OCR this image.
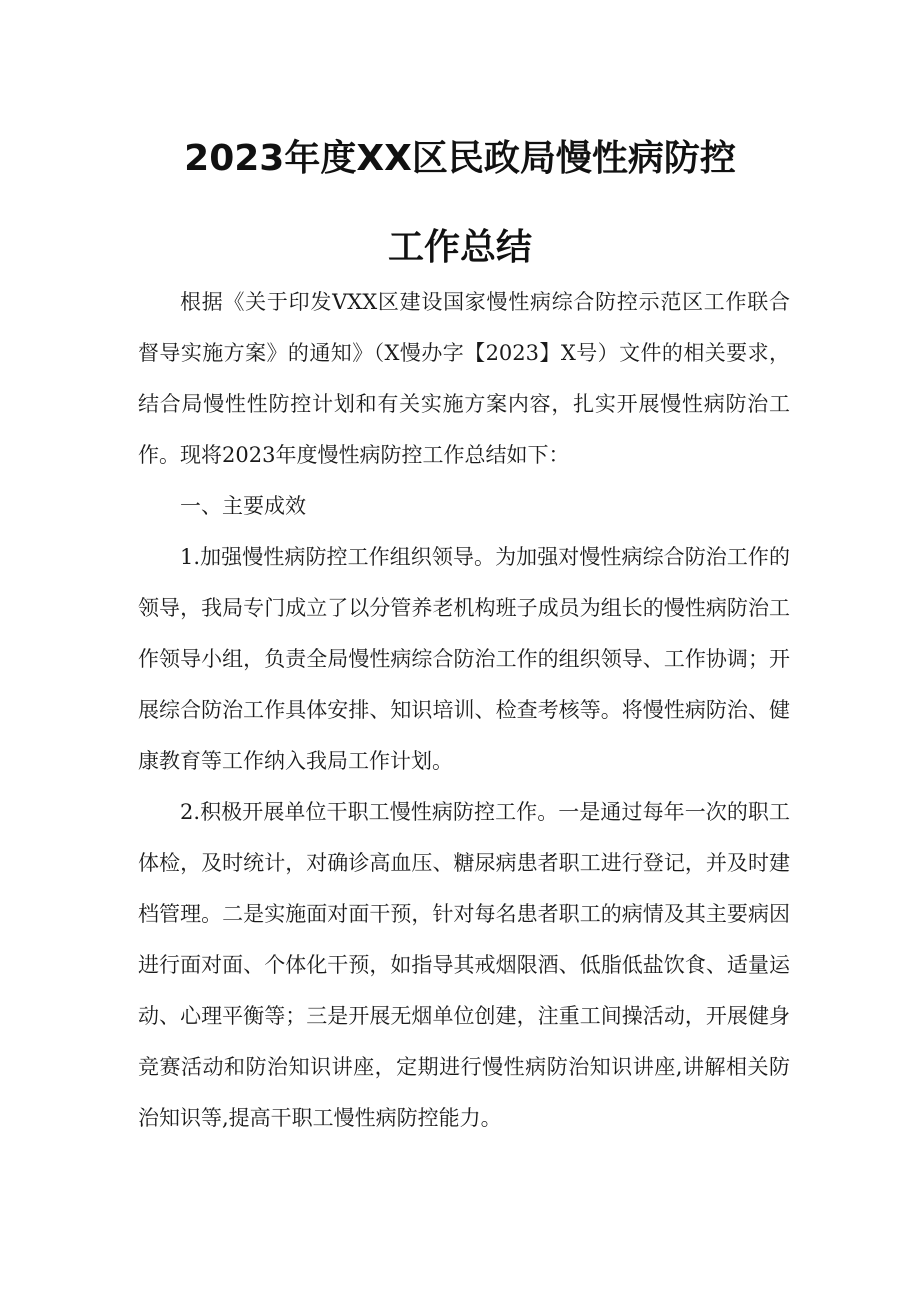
2023年度XX区民政局慢性病防控
工作总结

根据《关于印发VXX区建设国家慢性病综合防控示范区工作联合督导实施方案》的通知》（X慢办字【2023】X号）文件的相关要求，结合局慢性性防控计划和有关实施方案内容，扎实开展慢性病防治工作。现将2023年度慢性病防控工作总结如下：

一、主要成效

1.加强慢性病防控工作组织领导。为加强对慢性病综合防治工作的领导，我局专门成立了以分管养老机构班子成员为组长的慢性病防治工作领导小组，负责全局慢性病综合防治工作的组织领导、工作协调；开展综合防治工作具体安排、知识培训、检查考核等。将慢性病防治、健康教育等工作纳入我局工作计划。

2.积极开展单位干职工慢性病防控工作。一是通过每年一次的职工体检，及时统计，对确诊高血压、糖尿病患者职工进行登记，并及时建档管理。二是实施面对面干预，针对每名患者职工的病情及其主要病因进行面对面、个体化干预，如指导其戒烟限酒、低脂低盐饮食、适量运动、心理平衡等；三是开展无烟单位创建，注重工间操活动，开展健身竞赛活动和防治知识讲座，定期进行慢性病防治知识讲座,讲解相关防治知识等,提高干职工慢性病防控能力。
